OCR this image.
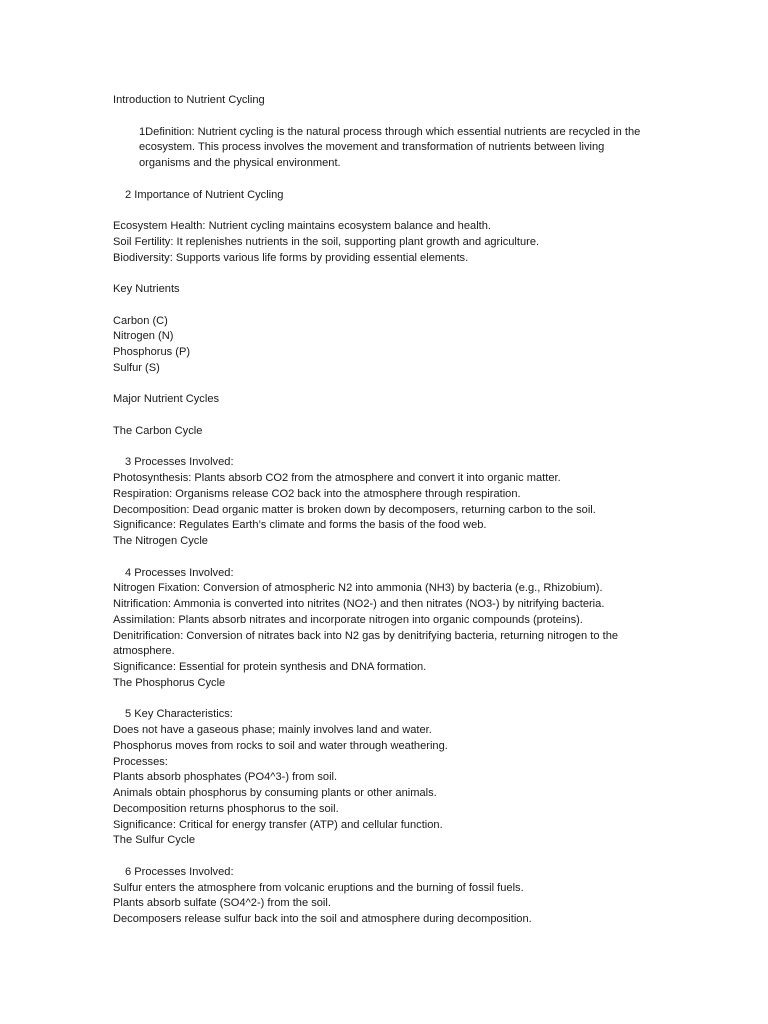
Introduction to Nutrient Cycling
1Definition: Nutrient cycling is the natural process through which essential nutrients are recycled in the ecosystem. This process involves the movement and transformation of nutrients between living organisms and the physical environment.
2 Importance of Nutrient Cycling
Ecosystem Health: Nutrient cycling maintains ecosystem balance and health.
Soil Fertility: It replenishes nutrients in the soil, supporting plant growth and agriculture.
Biodiversity: Supports various life forms by providing essential elements.
Key Nutrients
Carbon (C)
Nitrogen (N)
Phosphorus (P)
Sulfur (S)
Major Nutrient Cycles
The Carbon Cycle
3 Processes Involved:
Photosynthesis: Plants absorb CO2 from the atmosphere and convert it into organic matter.
Respiration: Organisms release CO2 back into the atmosphere through respiration.
Decomposition: Dead organic matter is broken down by decomposers, returning carbon to the soil.
Significance: Regulates Earth’s climate and forms the basis of the food web.
The Nitrogen Cycle
4 Processes Involved:
Nitrogen Fixation: Conversion of atmospheric N2 into ammonia (NH3) by bacteria (e.g., Rhizobium).
Nitrification: Ammonia is converted into nitrites (NO2-) and then nitrates (NO3-) by nitrifying bacteria.
Assimilation: Plants absorb nitrates and incorporate nitrogen into organic compounds (proteins).
Denitrification: Conversion of nitrates back into N2 gas by denitrifying bacteria, returning nitrogen to the atmosphere.
Significance: Essential for protein synthesis and DNA formation.
The Phosphorus Cycle
5 Key Characteristics:
Does not have a gaseous phase; mainly involves land and water.
Phosphorus moves from rocks to soil and water through weathering.
Processes:
Plants absorb phosphates (PO4^3-) from soil.
Animals obtain phosphorus by consuming plants or other animals.
Decomposition returns phosphorus to the soil.
Significance: Critical for energy transfer (ATP) and cellular function.
The Sulfur Cycle
6 Processes Involved:
Sulfur enters the atmosphere from volcanic eruptions and the burning of fossil fuels.
Plants absorb sulfate (SO4^2-) from the soil.
Decomposers release sulfur back into the soil and atmosphere during decomposition.
